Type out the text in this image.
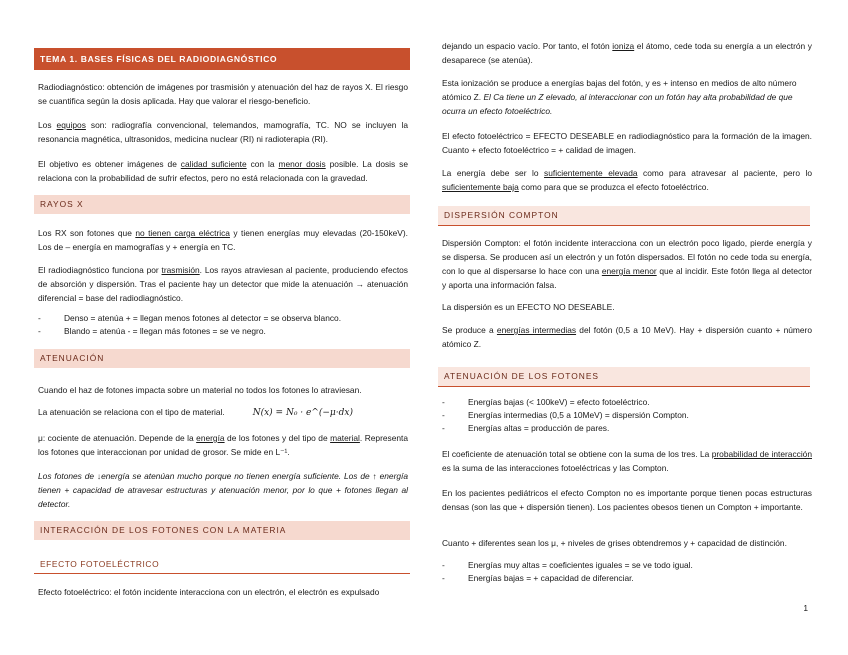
TEMA 1. BASES FÍSICAS DEL RADIODIAGNÓSTICO

Radiodiagnóstico: obtención de imágenes por trasmisión y atenuación del haz de rayos X. El riesgo se cuantifica según la dosis aplicada. Hay que valorar el riesgo-beneficio.

Los equipos son: radiografía convencional, telemandos, mamografía, TC. NO se incluyen la resonancia magnética, ultrasonidos, medicina nuclear (RI) ni radioterapia (RI).

El objetivo es obtener imágenes de calidad suficiente con la menor dosis posible. La dosis se relaciona con la probabilidad de sufrir efectos, pero no está relacionada con la gravedad.

RAYOS X

Los RX son fotones que no tienen carga eléctrica y tienen energías muy elevadas (20-150keV). Los de – energía en mamografías y + energía en TC.

El radiodiagnóstico funciona por trasmisión. Los rayos atraviesan al paciente, produciendo efectos de absorción y dispersión. Tras el paciente hay un detector que mide la atenuación → atenuación diferencial = base del radiodiagnóstico.

- Denso = atenúa + = llegan menos fotones al detector = se observa blanco.
- Blando = atenúa - = llegan más fotones = se ve negro.
ATENUACIÓN

Cuando el haz de fotones impacta sobre un material no todos los fotones lo atraviesan.

La atenuación se relaciona con el tipo de material.	N(x) = N₀ · e^(−μ·dx)

μ: cociente de atenuación. Depende de la energía de los fotones y del tipo de material. Representa los fotones que interaccionan por unidad de grosor. Se mide en L⁻¹.

Los fotones de ↓energía se atenúan mucho porque no tienen energía suficiente. Los de ↑ energía tienen + capacidad de atravesar estructuras y atenuación menor, por lo que + fotones llegan al detector.

INTERACCIÓN DE LOS FOTONES CON LA MATERIA
EFECTO FOTOELÉCTRICO

Efecto fotoeléctrico: el fotón incidente interacciona con un electrón, el electrón es expulsado

dejando un espacio vacío. Por tanto, el fotón ioniza el átomo, cede toda su energía a un electrón y desaparece (se atenúa).

Esta ionización se produce a energías bajas del fotón, y es + intenso en medios de alto número atómico Z. El Ca tiene un Z elevado, al interaccionar con un fotón hay alta probabilidad de que ocurra un efecto fotoeléctrico.

El efecto fotoeléctrico = EFECTO DESEABLE en radiodiagnóstico para la formación de la imagen. Cuanto + efecto fotoeléctrico = + calidad de imagen.

La energía debe ser lo suficientemente elevada como para atravesar al paciente, pero lo suficientemente baja como para que se produzca el efecto fotoeléctrico.

DISPERSIÓN COMPTON

Dispersión Compton: el fotón incidente interacciona con un electrón poco ligado, pierde energía y se dispersa. Se producen así un electrón y un fotón dispersados. El fotón no cede toda su energía, con lo que al dispersarse lo hace con una energía menor que al incidir. Este fotón llega al detector y aporta una información falsa.

La dispersión es un EFECTO NO DESEABLE.

Se produce a energías intermedias del fotón (0,5 a 10 MeV). Hay + dispersión cuanto + número atómico Z.

ATENUACIÓN DE LOS FOTONES
- Energías bajas (< 100keV) = efecto fotoeléctrico.
- Energías intermedias (0,5 a 10MeV) = dispersión Compton.
- Energías altas = producción de pares.

El coeficiente de atenuación total se obtiene con la suma de los tres. La probabilidad de interacción es la suma de las interacciones fotoeléctricas y las Compton.

En los pacientes pediátricos el efecto Compton no es importante porque tienen pocas estructuras densas (son las que + dispersión tienen). Los pacientes obesos tienen un Compton + importante.

Cuanto + diferentes sean los μ, + niveles de grises obtendremos y + capacidad de distinción.

- Energías muy altas = coeficientes iguales = se ve todo igual.
- Energías bajas = + capacidad de diferenciar.
1
